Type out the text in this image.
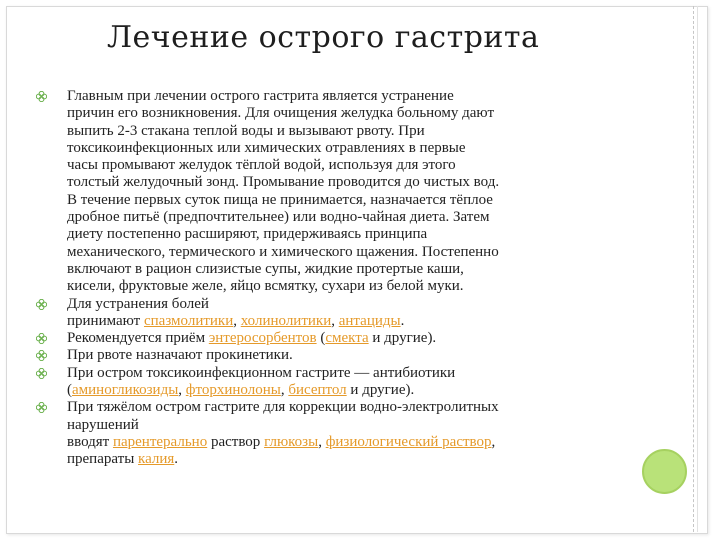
Лечение острого гастрита
Главным при лечении острого гастрита является устранение
причин его возникновения. Для очищения желудка больному дают
выпить 2-3 стакана теплой воды и вызывают рвоту. При
токсикоинфекционных или химических отравлениях в первые
часы промывают желудок тёплой водой, используя для этого
толстый желудочный зонд. Промывание проводится до чистых вод.
В течение первых суток пища не принимается, назначается тёплое
дробное питьё (предпочтительнее) или водно-чайная диета. Затем
диету постепенно расширяют, придерживаясь принципа
механического, термического и химического щажения. Постепенно
включают в рацион слизистые супы, жидкие протертые каши,
кисели, фруктовые желе, яйцо всмятку, сухари из белой муки.
Для устранения болей
принимают спазмолитики, холинолитики, антациды.
Рекомендуется приём энтеросорбентов (смекта и другие).
При рвоте назначают прокинетики.
При остром токсикоинфекционном гастрите — антибиотики
(аминогликозиды, фторхинолоны, бисептол и другие).
При тяжёлом остром гастрите для коррекции водно-электролитных
нарушений
вводят парентерально раствор глюкозы, физиологический раствор,
препараты калия.
